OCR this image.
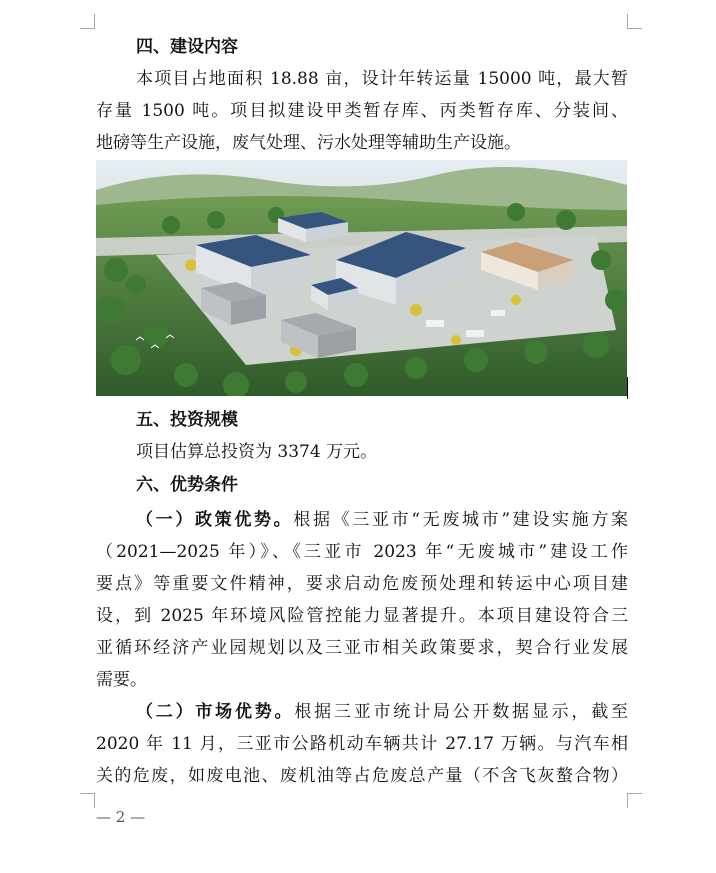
四、建设内容
本项目占地面积 18.88 亩，设计年转运量 15000 吨，最大暂
存量 1500 吨。项目拟建设甲类暂存库、丙类暂存库、分装间、
地磅等生产设施，废气处理、污水处理等辅助生产设施。
五、投资规模
项目估算总投资为 3374 万元。
六、优势条件
（一）政策优势。根据《三亚市“无废城市”建设实施方案
（2021—2025 年）》、《三亚市 2023 年“无废城市”建设工作
要点》等重要文件精神，要求启动危废预处理和转运中心项目建
设，到 2025 年环境风险管控能力显著提升。本项目建设符合三
亚循环经济产业园规划以及三亚市相关政策要求，契合行业发展
需要。
（二）市场优势。根据三亚市统计局公开数据显示，截至
2020 年 11 月，三亚市公路机动车辆共计 27.17 万辆。与汽车相
关的危废，如废电池、废机油等占危废总产量（不含飞灰螯合物）
— 2 —
